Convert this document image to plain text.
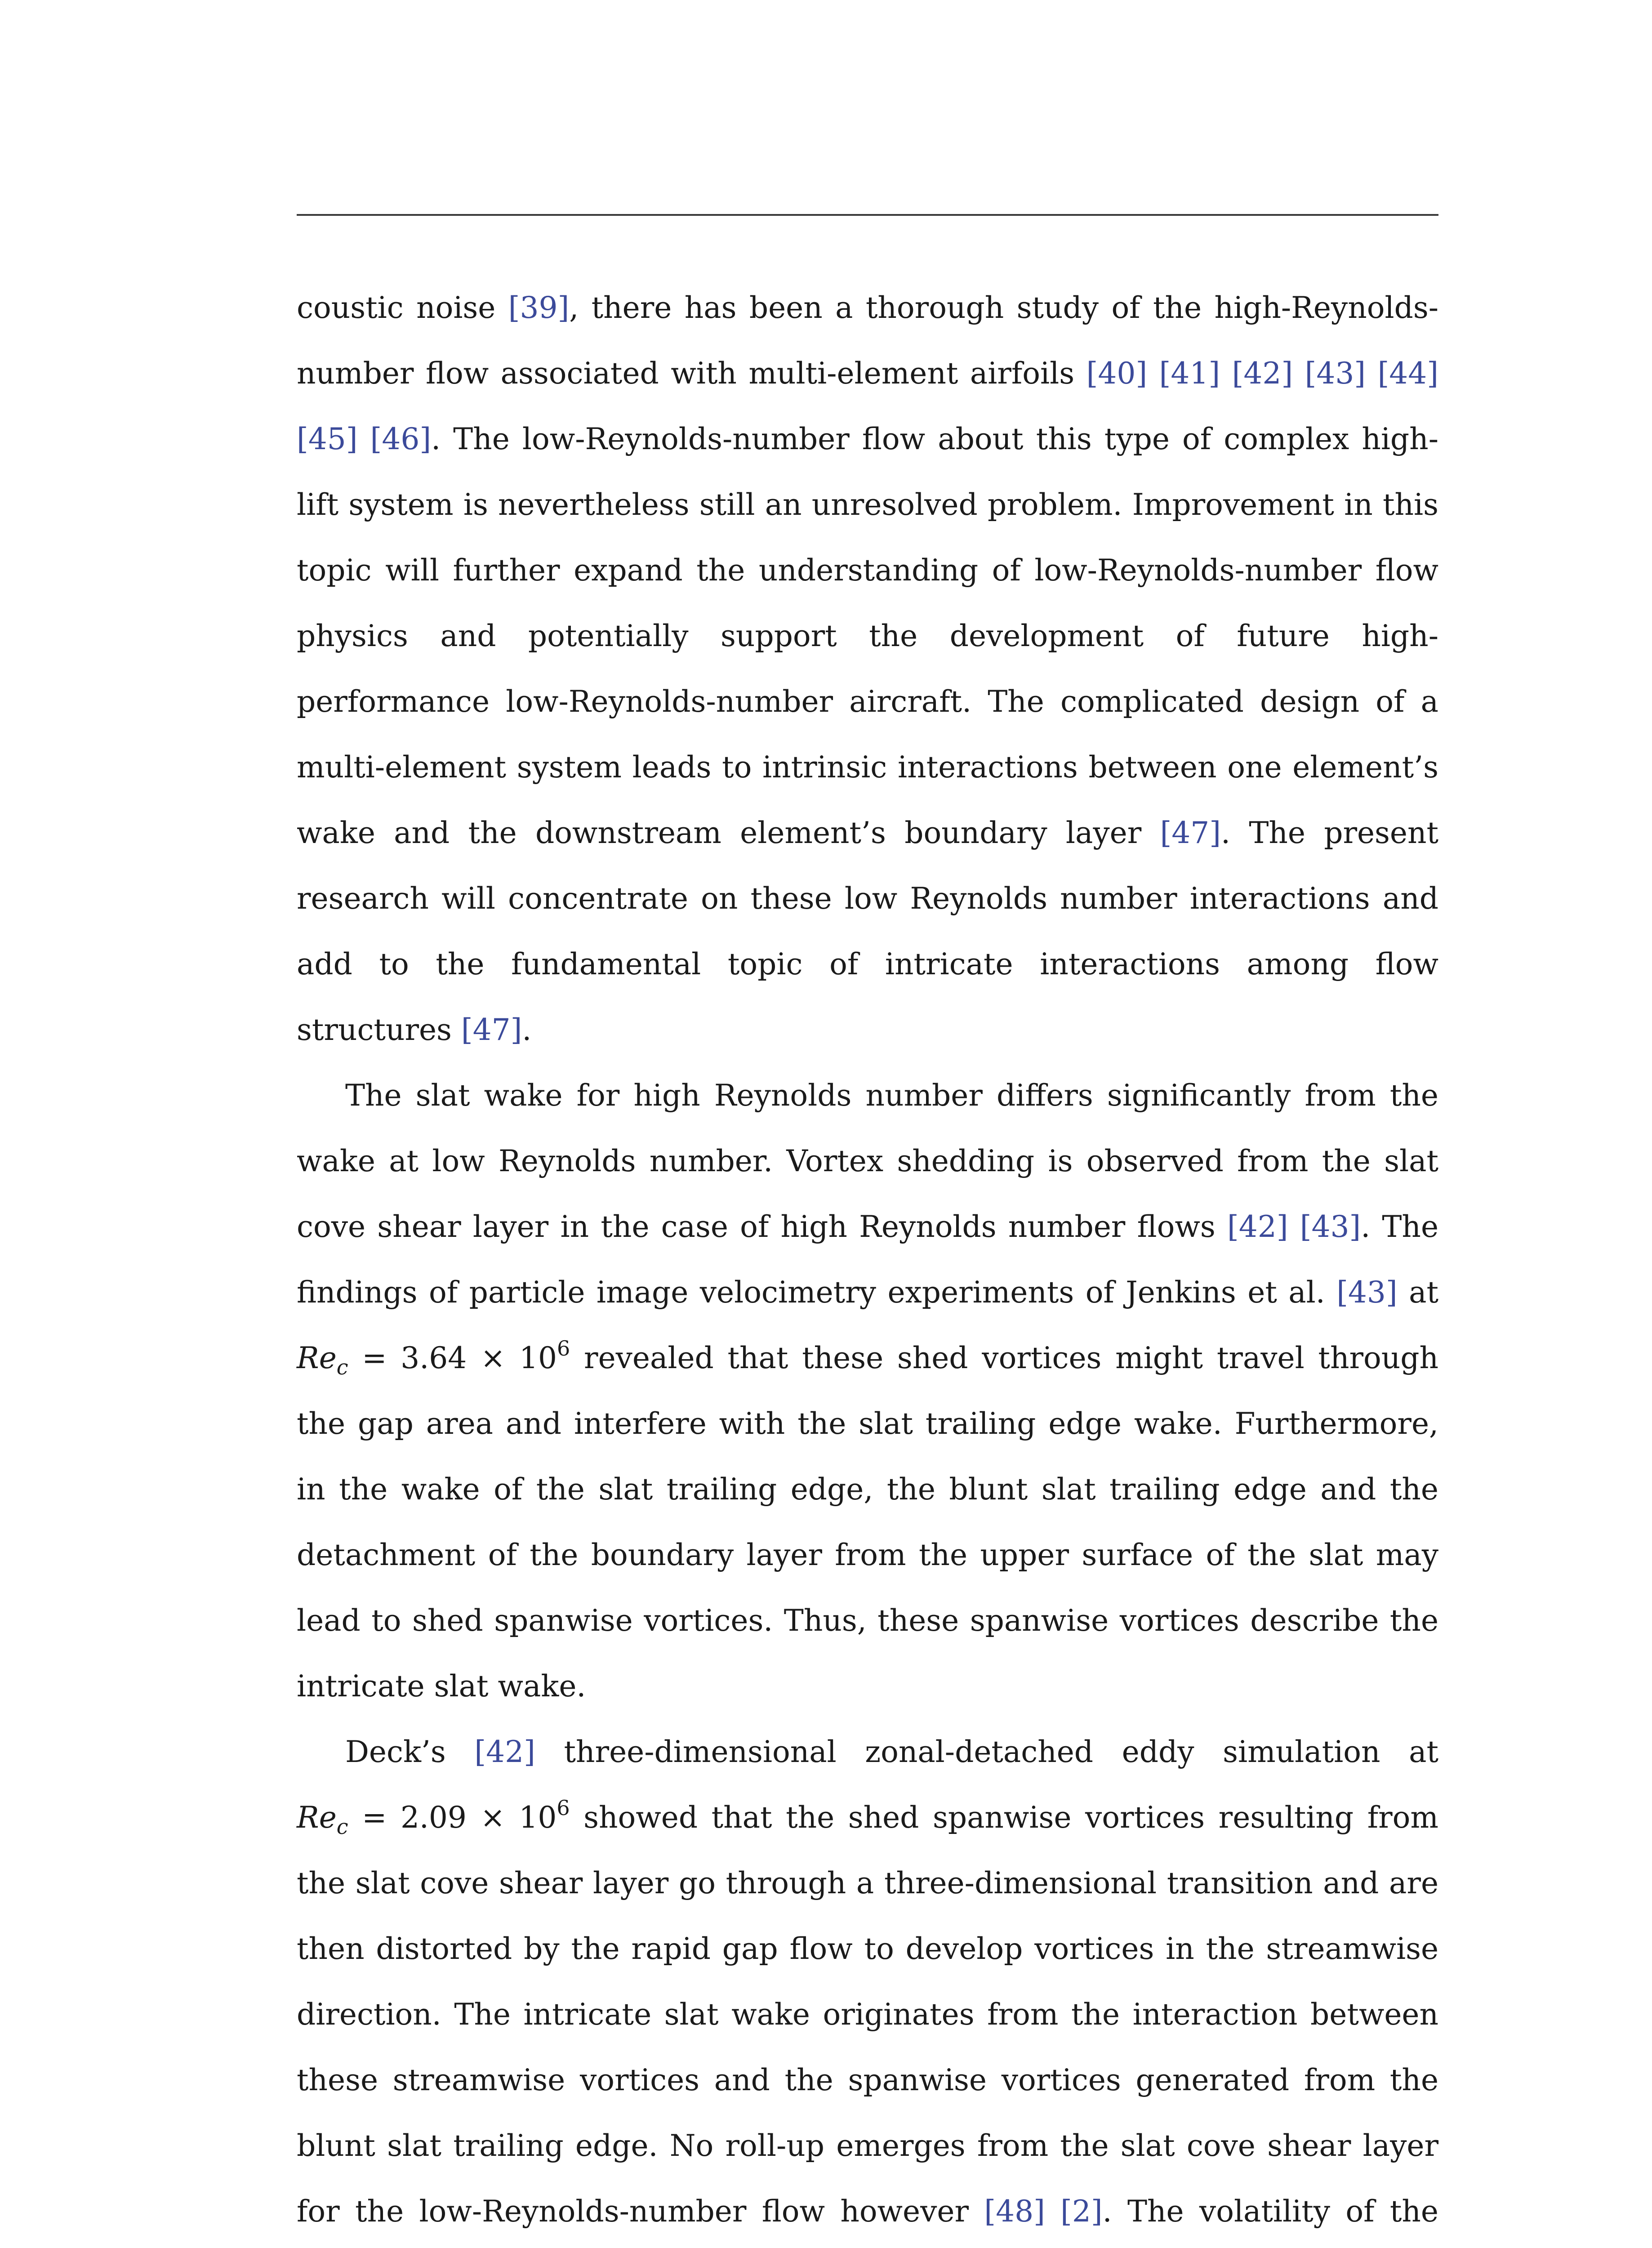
coustic noise [39], there has been a thorough study of the high-Reynolds-number flow associated with multi-element airfoils [40] [41] [42] [43] [44] [45] [46]. The low-Reynolds-number flow about this type of complex high-lift system is nevertheless still an unresolved problem. Improvement in this topic will further expand the understanding of low-Reynolds-number flow physics and potentially support the development of future high-performance low-Reynolds-number aircraft. The complicated design of a multi-element system leads to intrinsic interactions between one element’s wake and the downstream element’s boundary layer [47]. The present research will concentrate on these low Reynolds number interactions and add to the fundamental topic of intricate interactions among flow structures [47].

The slat wake for high Reynolds number differs significantly from the wake at low Reynolds number. Vortex shedding is observed from the slat cove shear layer in the case of high Reynolds number flows [42] [43]. The findings of particle image velocimetry experiments of Jenkins et al. [43] at $Re_c = 3.64 \times 10^6$ revealed that these shed vortices might travel through the gap area and interfere with the slat trailing edge wake. Furthermore, in the wake of the slat trailing edge, the blunt slat trailing edge and the detachment of the boundary layer from the upper surface of the slat may lead to shed spanwise vortices. Thus, these spanwise vortices describe the intricate slat wake.

Deck’s [42] three-dimensional zonal-detached eddy simulation at $Re_c = 2.09 \times 10^6$ showed that the shed spanwise vortices resulting from the slat cove shear layer go through a three-dimensional transition and are then distorted by the rapid gap flow to develop vortices in the streamwise direction. The intricate slat wake originates from the interaction between these streamwise vortices and the spanwise vortices generated from the blunt slat trailing edge. No roll-up emerges from the slat cove shear layer for the low-Reynolds-number flow however [48] [2]. The volatility of the
